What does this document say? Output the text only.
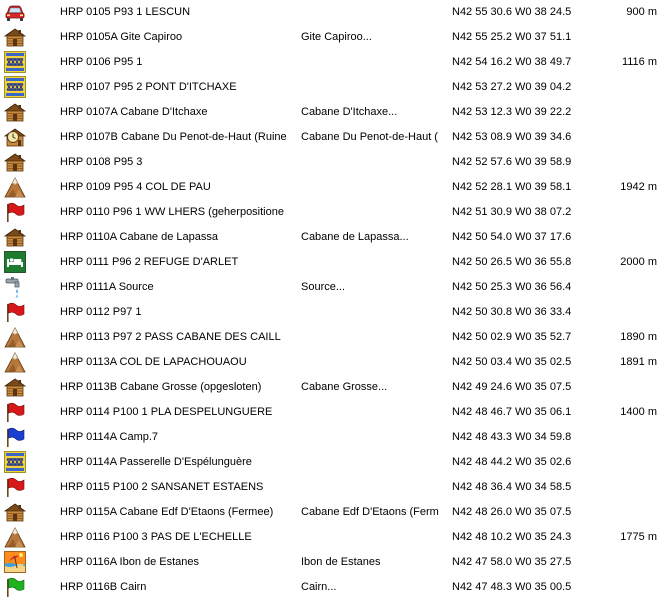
HRP 0105 P93 1 LESCUN	N42 55 30.6 W0 38 24.5	900 m
HRP 0105A Gite Capiroo	Gite Capiroo...	N42 55 25.2 W0 37 51.1
HRP 0106 P95 1	N42 54 16.2 W0 38 49.7	1116 m
HRP 0107 P95 2 PONT D'ITCHAXE	N42 53 27.2 W0 39 04.2
HRP 0107A Cabane D'Itchaxe	Cabane D'Itchaxe...	N42 53 12.3 W0 39 22.2
HRP 0107B Cabane Du Penot-de-Haut (Ruine	Cabane Du Penot-de-Haut ( N42 53 08.9 W0 39 34.6
HRP 0108 P95 3	N42 52 57.6 W0 39 58.9
HRP 0109 P95 4 COL DE PAU	N42 52 28.1 W0 39 58.1	1942 m
HRP 0110 P96 1 WW LHERS (geherpositione	N42 51 30.9 W0 38 07.2
HRP 0110A Cabane de Lapassa	Cabane de Lapassa...	N42 50 54.0 W0 37 17.6
HRP 0111 P96 2 REFUGE D'ARLET	N42 50 26.5 W0 36 55.8	2000 m
HRP 0111A Source	Source...	N42 50 25.3 W0 36 56.4
HRP 0112 P97 1	N42 50 30.8 W0 36 33.4
HRP 0113 P97 2 PASS CABANE DES CAILL	N42 50 02.9 W0 35 52.7	1890 m
HRP 0113A COL DE LAPACHOUAOU	N42 50 03.4 W0 35 02.5	1891 m
HRP 0113B Cabane Grosse (opgesloten)	Cabane Grosse...	N42 49 24.6 W0 35 07.5
HRP 0114 P100 1 PLA DESPELUNGUERE	N42 48 46.7 W0 35 06.1	1400 m
HRP 0114A Camp.7	N42 48 43.3 W0 34 59.8
HRP 0114A Passerelle D'Espélunguère	N42 48 44.2 W0 35 02.6
HRP 0115 P100 2 SANSANET ESTAENS	N42 48 36.4 W0 34 58.5
HRP 0115A Cabane Edf D'Etaons (Fermee)	Cabane Edf D'Etaons (Ferm N42 48 26.0 W0 35 07.5
HRP 0116 P100 3 PAS DE L'ECHELLE	N42 48 10.2 W0 35 24.3	1775 m
HRP 0116A Ibon de Estanes	Ibon de Estanes	N42 47 58.0 W0 35 27.5
HRP 0116B Cairn	Cairn...	N42 47 48.3 W0 35 00.5
